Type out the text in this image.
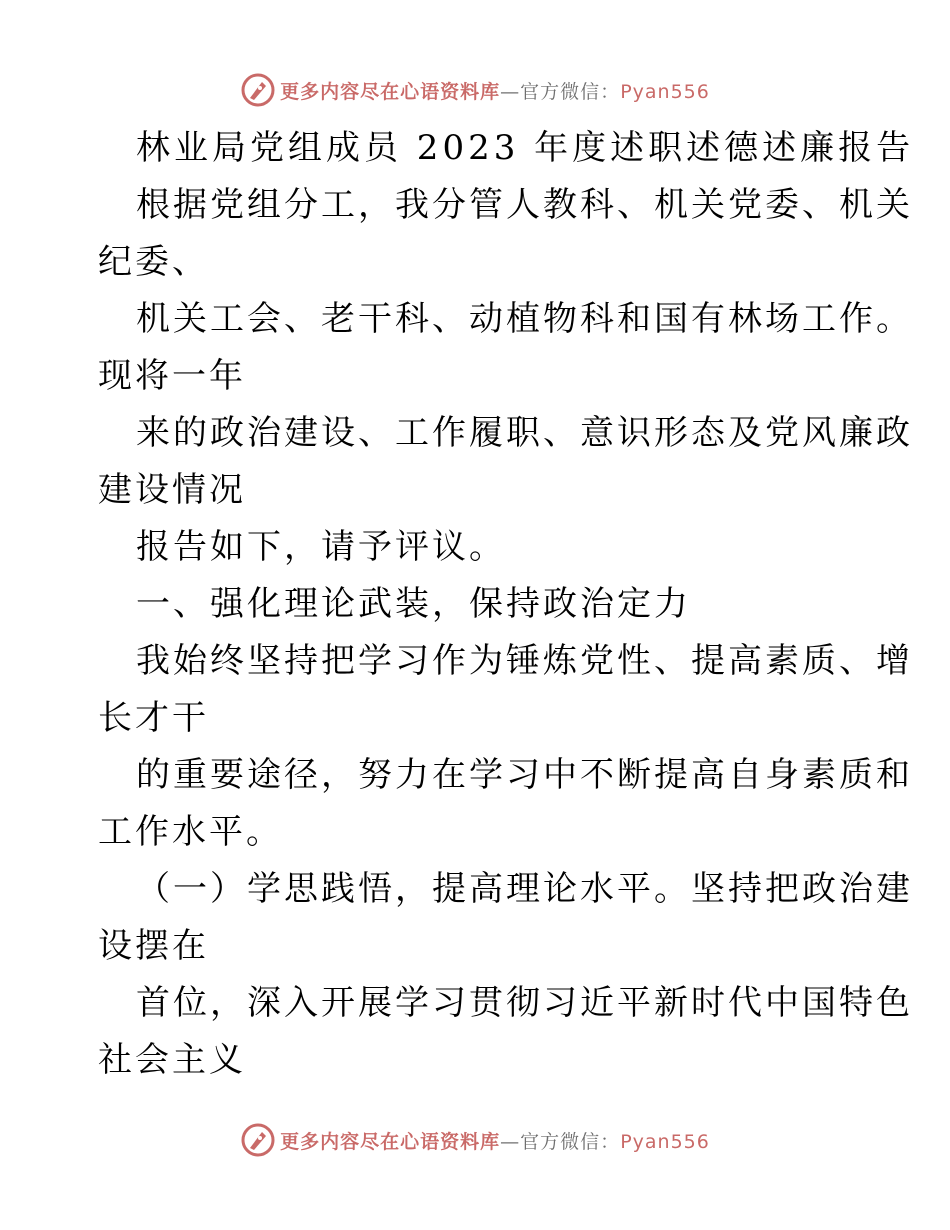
更多内容尽在心语资料库—官方微信：Pyan556
林业局党组成员 2023 年度述职述德述廉报告
根据党组分工，我分管人教科、机关党委、机关
纪委、
机关工会、老干科、动植物科和国有林场工作。
现将一年
来的政治建设、工作履职、意识形态及党风廉政
建设情况
报告如下，请予评议。
一、强化理论武装，保持政治定力
我始终坚持把学习作为锤炼党性、提高素质、增
长才干
的重要途径，努力在学习中不断提高自身素质和
工作水平。
（一）学思践悟，提高理论水平。坚持把政治建
设摆在
首位，深入开展学习贯彻习近平新时代中国特色
社会主义
更多内容尽在心语资料库—官方微信：Pyan556
